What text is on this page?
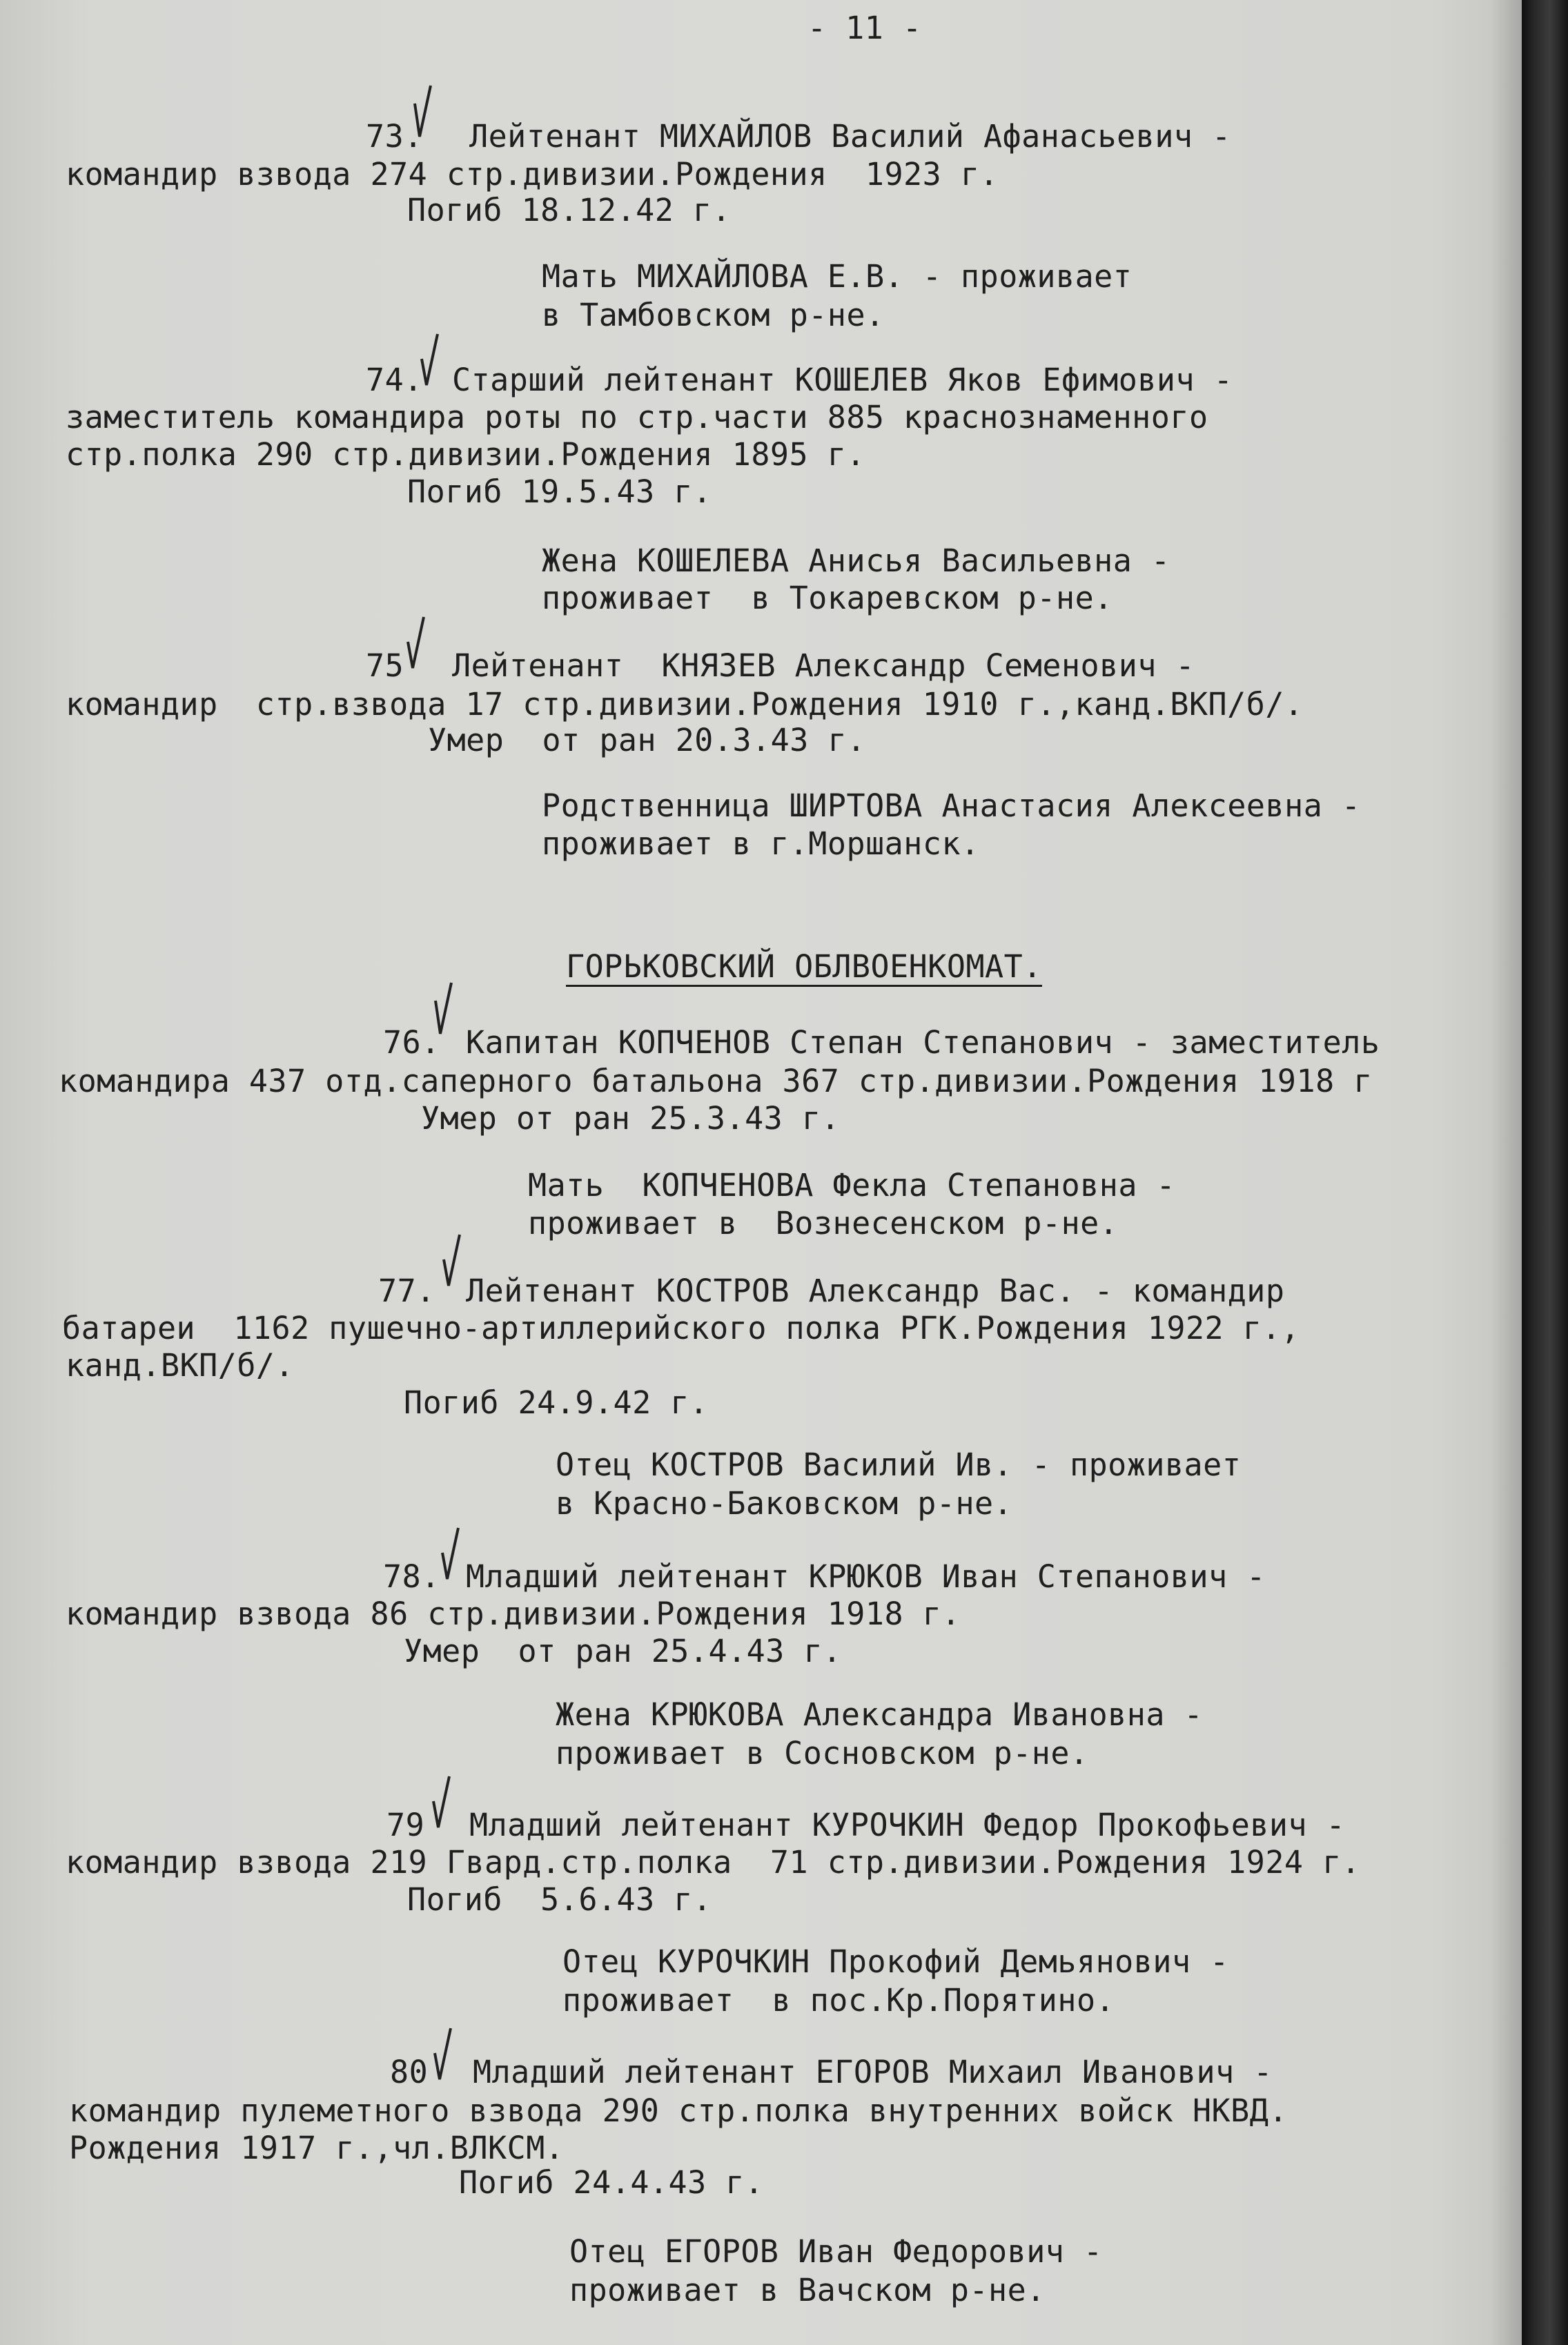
- 11 -
73. Лейтенант МИХАЙЛОВ Василий Афанасьевич -
командир взвода 274 стр.дивизии.Рождения  1923 г.
Погиб 18.12.42 г.
Мать МИХАЙЛОВА Е.В. - проживает
в Тамбовском р-не.
74. Старший лейтенант КОШЕЛЕВ Яков Ефимович -
заместитель командира роты по стр.части 885 краснознаменного
стр.полка 290 стр.дивизии.Рождения 1895 г.
Погиб 19.5.43 г.
Жена КОШЕЛЕВА Анисья Васильевна -
проживает  в Токаревском р-не.
75 Лейтенант  КНЯЗЕВ Александр Семенович -
командир  стр.взвода 17 стр.дивизии.Рождения 1910 г.,канд.ВКП/б/.
Умер  от ран 20.3.43 г.
Родственница ШИРТОВА Анастасия Алексеевна -
проживает в г.Моршанск.
ГОРЬКОВСКИЙ ОБЛВОЕНКОМАТ.
76. Капитан КОПЧЕНОВ Степан Степанович - заместитель
командира 437 отд.саперного батальона 367 стр.дивизии.Рождения 1918 г
Умер от ран 25.3.43 г.
Мать  КОПЧЕНОВА Фекла Степановна -
проживает в  Вознесенском р-не.
77. Лейтенант КОСТРОВ Александр Вас. - командир
батареи  1162 пушечно-артиллерийского полка РГК.Рождения 1922 г.,
канд.ВКП/б/.
Погиб 24.9.42 г.
Отец КОСТРОВ Василий Ив. - проживает
в Красно-Баковском р-не.
78. Младший лейтенант КРЮКОВ Иван Степанович -
командир взвода 86 стр.дивизии.Рождения 1918 г.
Умер  от ран 25.4.43 г.
Жена КРЮКОВА Александра Ивановна -
проживает в Сосновском р-не.
79 Младший лейтенант КУРОЧКИН Федор Прокофьевич -
командир взвода 219 Гвард.стр.полка  71 стр.дивизии.Рождения 1924 г.
Погиб  5.6.43 г.
Отец КУРОЧКИН Прокофий Демьянович -
проживает  в пос.Кр.Порятино.
80 Младший лейтенант ЕГОРОВ Михаил Иванович -
командир пулеметного взвода 290 стр.полка внутренних войск НКВД.
Рождения 1917 г.,чл.ВЛКСМ.
Погиб 24.4.43 г.
Отец ЕГОРОВ Иван Федорович -
проживает в Вачском р-не.
